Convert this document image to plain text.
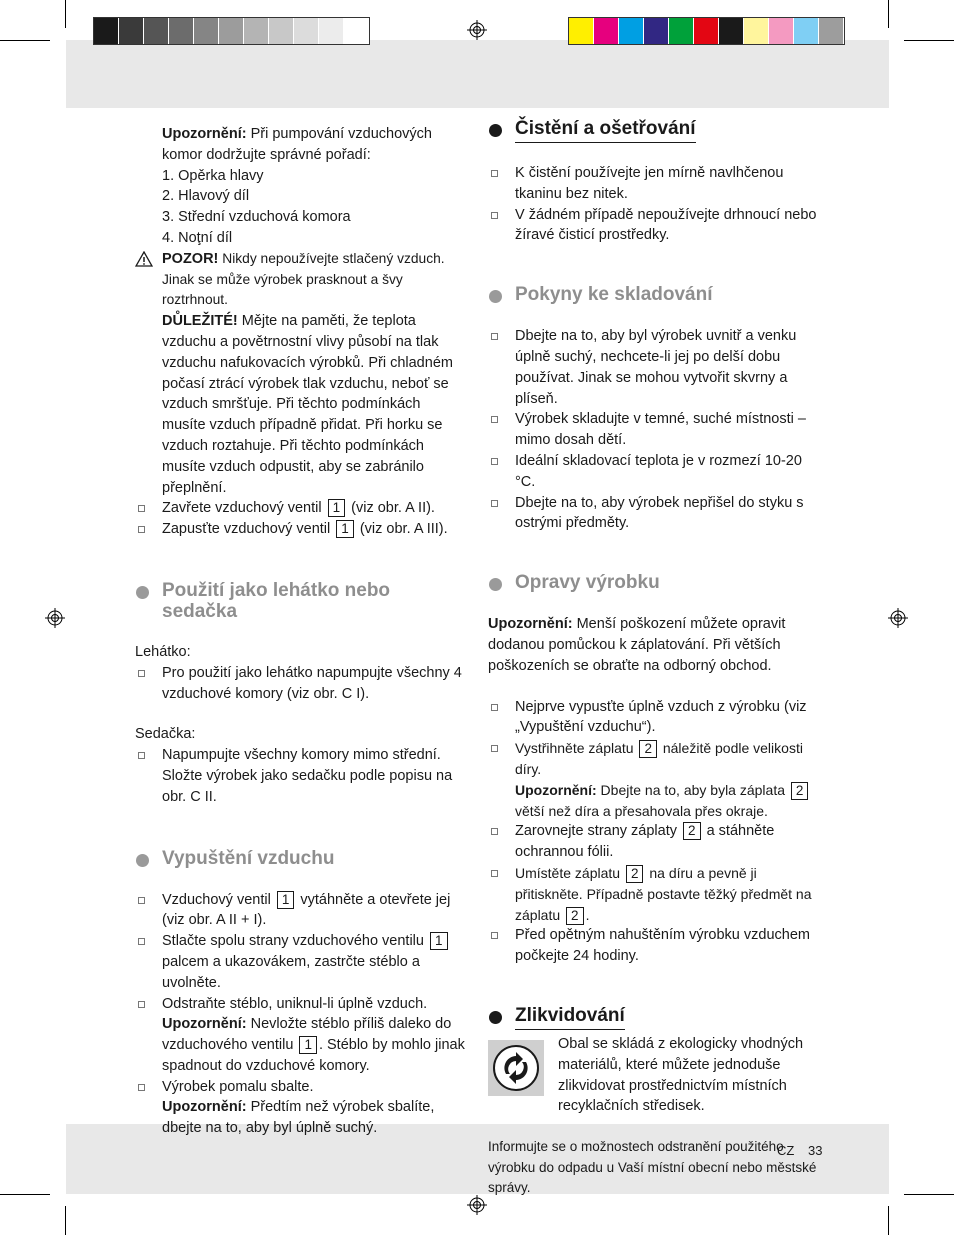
Upozornění: Při pumpování vzduchových komor dodržujte správné pořadí:

1. Opěrka hlavy
2. Hlavový díl
3. Střední vzduchová komora
4. Noţní díl
POZOR! Nikdy nepoužívejte stlačený vzduch. Jinak se může výrobek prasknout a švy roztrhnout.
DŮLEŽITÉ! Mějte na paměti, že teplota vzduchu a povětrnostní vlivy působí na tlak vzduchu nafukovacích výrobků. Při chladném počasí ztrácí výrobek tlak vzduchu, neboť se vzduch smršťuje. Při těchto podmínkách musíte vzduch případně přidat. Při horku se vzduch roztahuje. Při těchto podmínkách musíte vzduch odpustit, aby se zabránilo přeplnění.
Zavřete vzduchový ventil 1 (viz obr. A II).
Zapusťte vzduchový ventil 1 (viz obr. A III).
Použití jako lehátko nebo sedačka

Lehátko:

Pro použití jako lehátko napumpujte všechny 4 vzduchové komory (viz obr. C I).

Sedačka:

Napumpujte všechny komory mimo střední. Složte výrobek jako sedačku podle popisu na obr. C II.
Vypuštění vzduchu
Vzduchový ventil 1 vytáhněte a otevřete jej (viz obr. A II + I).
Stlačte spolu strany vzduchového ventilu 1 palcem a ukazovákem, zastrčte stéblo a uvolněte.
Odstraňte stéblo, uniknul-li úplně vzduch.
Upozornění: Nevložte stéblo příliš daleko do vzduchového ventilu 1 . Stéblo by mohlo jinak spadnout do vzduchové komory.
Výrobek pomalu sbalte.
Upozornění: Předtím než výrobek sbalíte, dbejte na to, aby byl úplně suchý.
Čistění a ošetřování
K čistění používejte jen mírně navlhčenou tkaninu bez nitek.
V žádném případě nepoužívejte drhnoucí nebo žíravé čisticí prostředky.
Pokyny ke skladování
Dbejte na to, aby byl výrobek uvnitř a venku úplně suchý, nechcete-li jej po delší dobu používat. Jinak se mohou vytvořit skvrny a plíseň.
Výrobek skladujte v temné, suché místnosti – mimo dosah dětí.
Ideální skladovací teplota je v rozmezí 10-20 °C.
Dbejte na to, aby výrobek nepřišel do styku s ostrými předměty.
Opravy výrobku

Upozornění: Menší poškození můžete opravit dodanou pomůckou k záplatování. Při větších poškozeních se obraťte na odborný obchod.

Nejprve vypusťte úplně vzduch z výrobku (viz „Vypuštění vzduchu“).
Vystřihněte záplatu 2 náležitě podle velikosti díry.
Upozornění: Dbejte na to, aby byla záplata 2 větší než díra a přesahovala přes okraje.
Zarovnejte strany záplaty 2 a stáhněte ochrannou fólii.
Umístěte záplatu 2 na díru a pevně ji přitiskněte. Případně postavte těžký předmět na záplatu 2 .
Před opětným nahuštěním výrobku vzduchem počkejte 24 hodiny.
Zlikvidování

Obal se skládá z ekologicky vhodných materiálů, které můžete jednoduše zlikvidovat prostřednictvím místních recyklačních středisek.

Informujte se o možnostech odstranění použitého výrobku do odpadu u Vaší místní obecní nebo městské správy.

CZ 33
